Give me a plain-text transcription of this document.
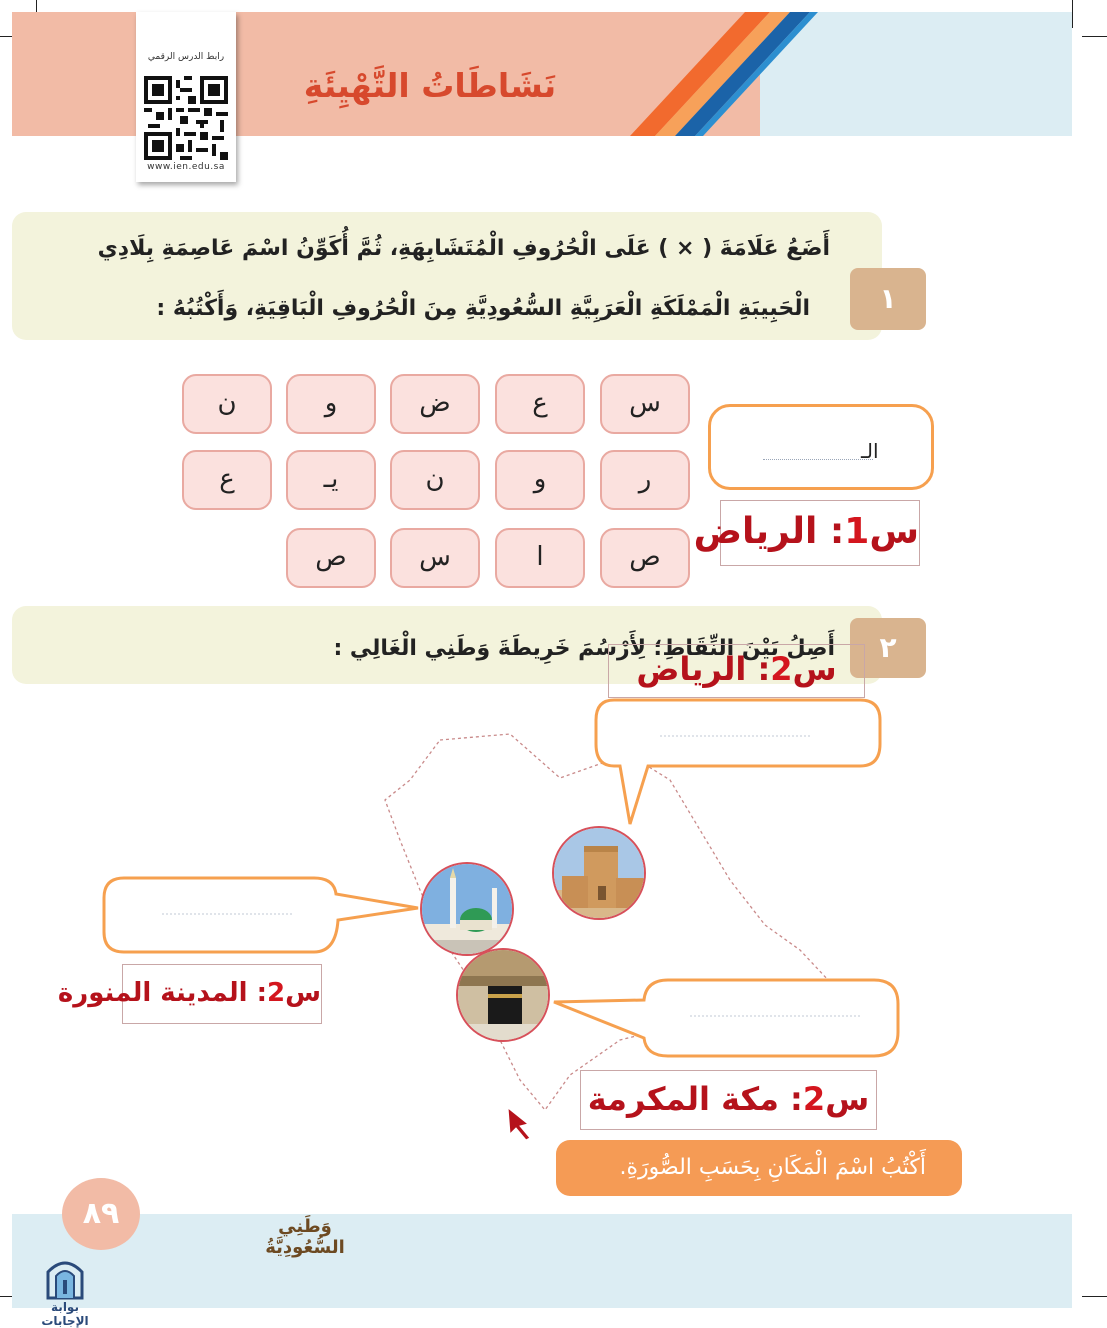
نَشَاطَاتُ التَّهْيِئَةِ
رابط الدرس الرقمي
www.ien.edu.sa
١
أَضَعُ عَلَامَةَ ( × ) عَلَى الْحُرُوفِ الْمُتَشَابِهَةِ، ثُمَّ أُكَوِّنُ اسْمَ عَاصِمَةِ بِلَادِي
الْحَبِيبَةِ الْمَمْلَكَةِ الْعَرَبِيَّةِ السُّعُودِيَّةِ مِنَ الْحُرُوفِ الْبَاقِيَةِ، وَأَكْتُبُهُ :
س
ع
ض
و
ن
ر
و
ن
يـ
ع
ص
ا
س
ص
الـ
س1: الرياض
٢
أَصِلُ بَيْنَ النِّقَاطِ؛ لِأَرْسُمَ خَرِيطَةَ وَطَنِي الْغَالِي :
س2: الرياض
س2: المدينة المنورة
س2: مكة المكرمة
أَكْتُبُ اسْمَ الْمَكَانِ بِحَسَبِ الصُّورَةِ.
٨٩	وَطَنِي السُّعُودِيَّةُ
بوابة الإجابات
